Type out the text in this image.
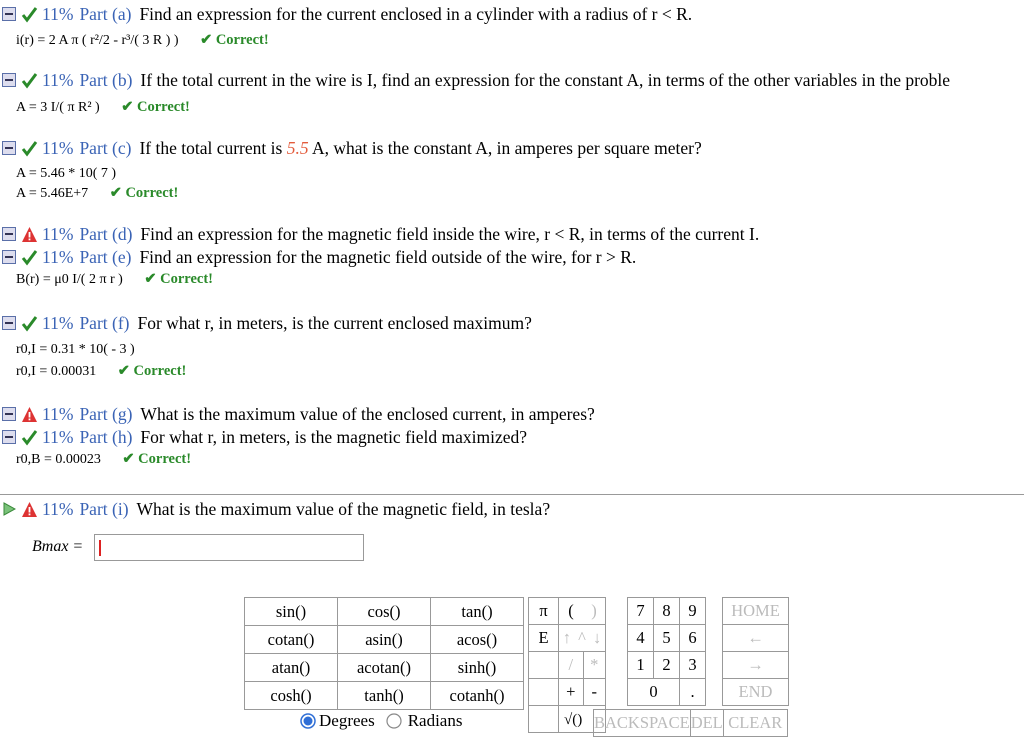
11% Part (a) Find an expression for the current enclosed in a cylinder with a radius of r < R.
i(r) = 2 A π ( r²/2 - r³/( 3 R ) ) ✔ Correct!
11% Part (b) If the total current in the wire is I, find an expression for the constant A, in terms of the other variables in the proble
A = 3 I/( π R² ) ✔ Correct!
11% Part (c) If the total current is 5.5 A, what is the constant A, in amperes per square meter?
A = 5.46 * 10( 7 )
A = 5.46E+7 ✔ Correct!
11% Part (d) Find an expression for the magnetic field inside the wire, r < R, in terms of the current I.
11% Part (e) Find an expression for the magnetic field outside of the wire, for r > R.
B(r) = μ0 I/( 2 π r ) ✔ Correct!
11% Part (f) For what r, in meters, is the current enclosed maximum?
r0,I = 0.31 * 10( - 3 )
r0,I = 0.00031 ✔ Correct!
11% Part (g) What is the maximum value of the enclosed current, in amperes?
11% Part (h) For what r, in meters, is the magnetic field maximized?
r0,B = 0.00023 ✔ Correct!
11% Part (i) What is the maximum value of the magnetic field, in tesla?
Bmax =
sin()	cos()	tan()
cotan()	asin()	acos()
atan()	acotan()	sinh()
cosh()	tanh()	cotanh()
Degrees Radians
π	(	)
E	↑ ^ ↓	
	/	*
	+	-
	√()	
7	8	9
4	5	6
1	2	3
0		.
HOME
←
→
END
BACKSPACE	DEL	CLEAR
